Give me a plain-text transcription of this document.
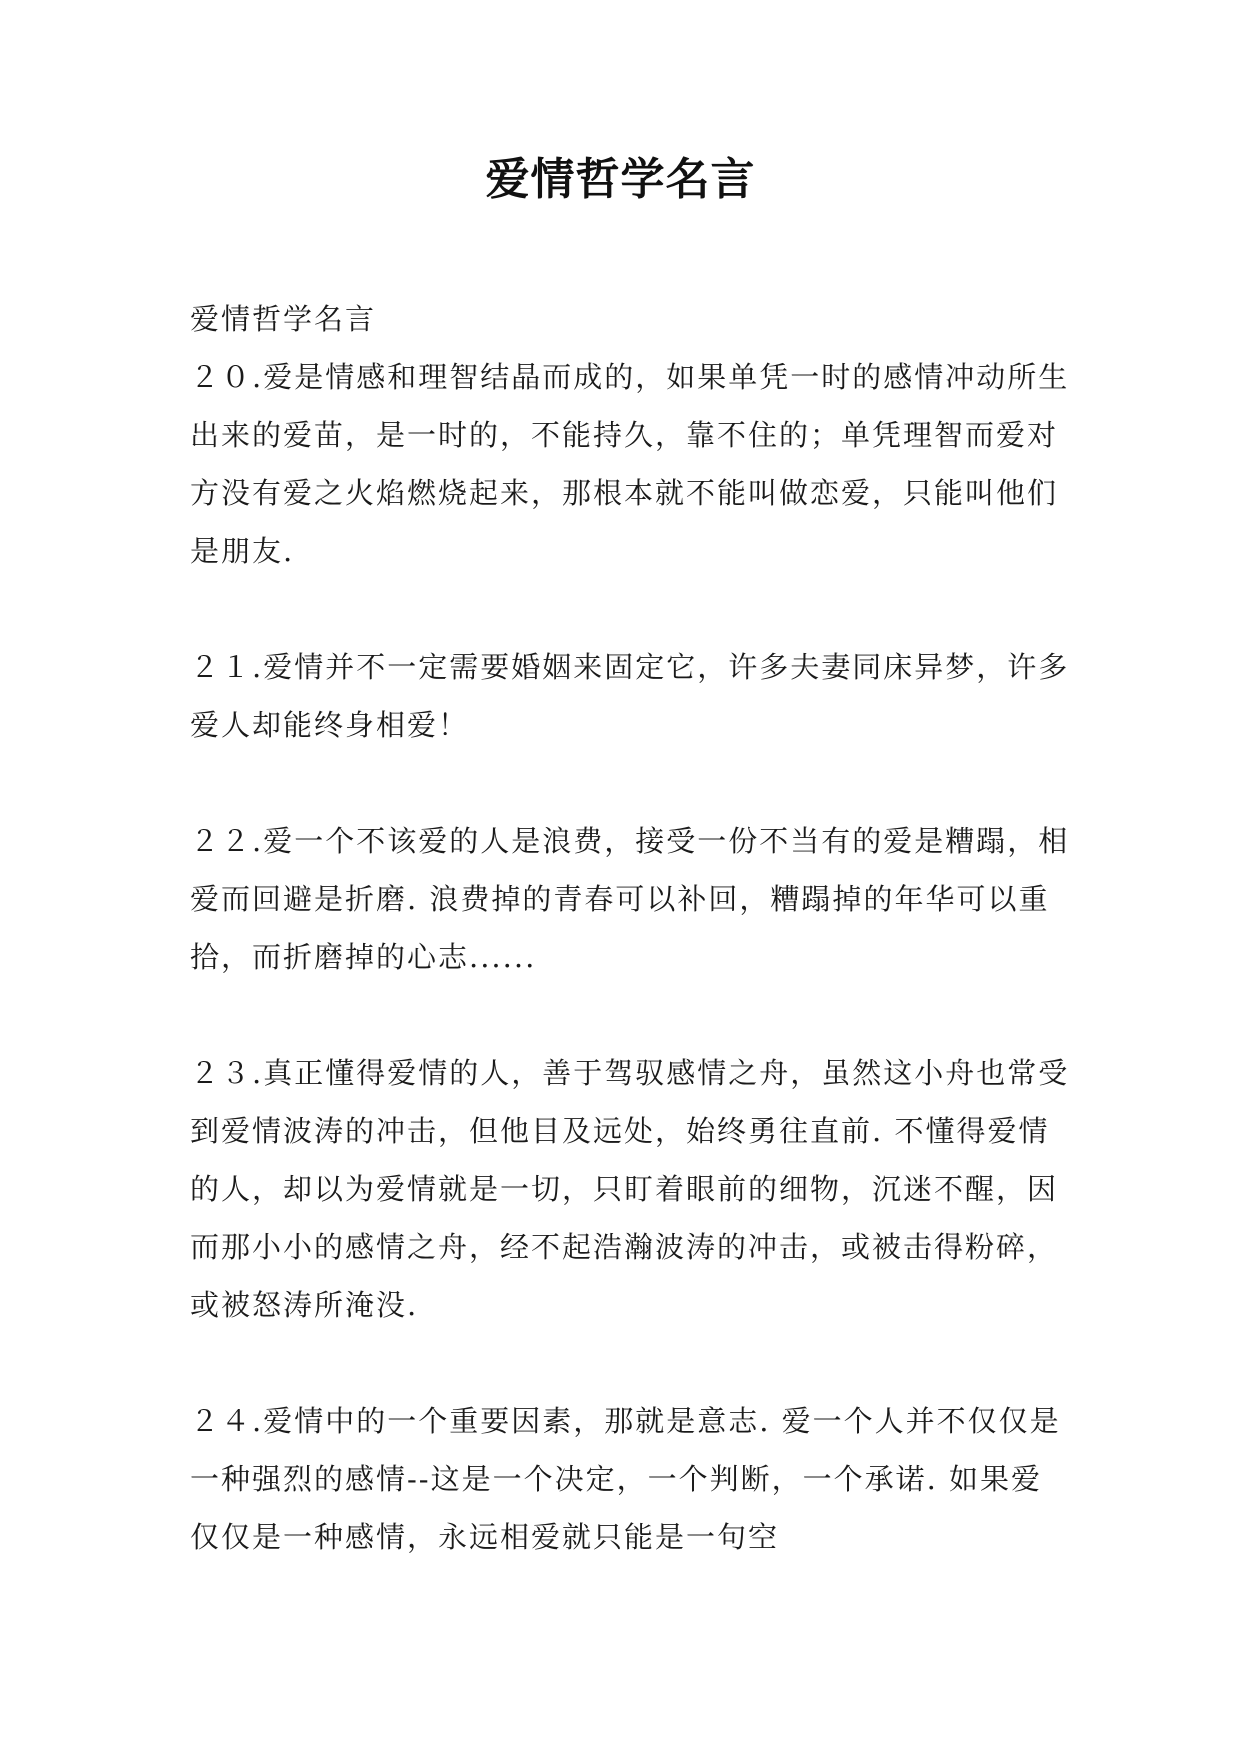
爱情哲学名言

爱情哲学名言

２０.爱是情感和理智结晶而成的，如果单凭一时的感情冲动所生出来的爱苗，是一时的，不能持久，靠不住的；单凭理智而爱对方没有爱之火焰燃烧起来，那根本就不能叫做恋爱，只能叫他们是朋友.

２１.爱情并不一定需要婚姻来固定它，许多夫妻同床异梦，许多爱人却能终身相爱！

２２.爱一个不该爱的人是浪费，接受一份不当有的爱是糟蹋，相爱而回避是折磨. 浪费掉的青春可以补回，糟蹋掉的年华可以重拾，而折磨掉的心志......

２３.真正懂得爱情的人，善于驾驭感情之舟，虽然这小舟也常受到爱情波涛的冲击，但他目及远处，始终勇往直前. 不懂得爱情的人，却以为爱情就是一切，只盯着眼前的细物，沉迷不醒，因而那小小的感情之舟，经不起浩瀚波涛的冲击，或被击得粉碎，或被怒涛所淹没.

２４.爱情中的一个重要因素，那就是意志. 爱一个人并不仅仅是一种强烈的感情--这是一个决定，一个判断，一个承诺. 如果爱仅仅是一种感情，永远相爱就只能是一句空
